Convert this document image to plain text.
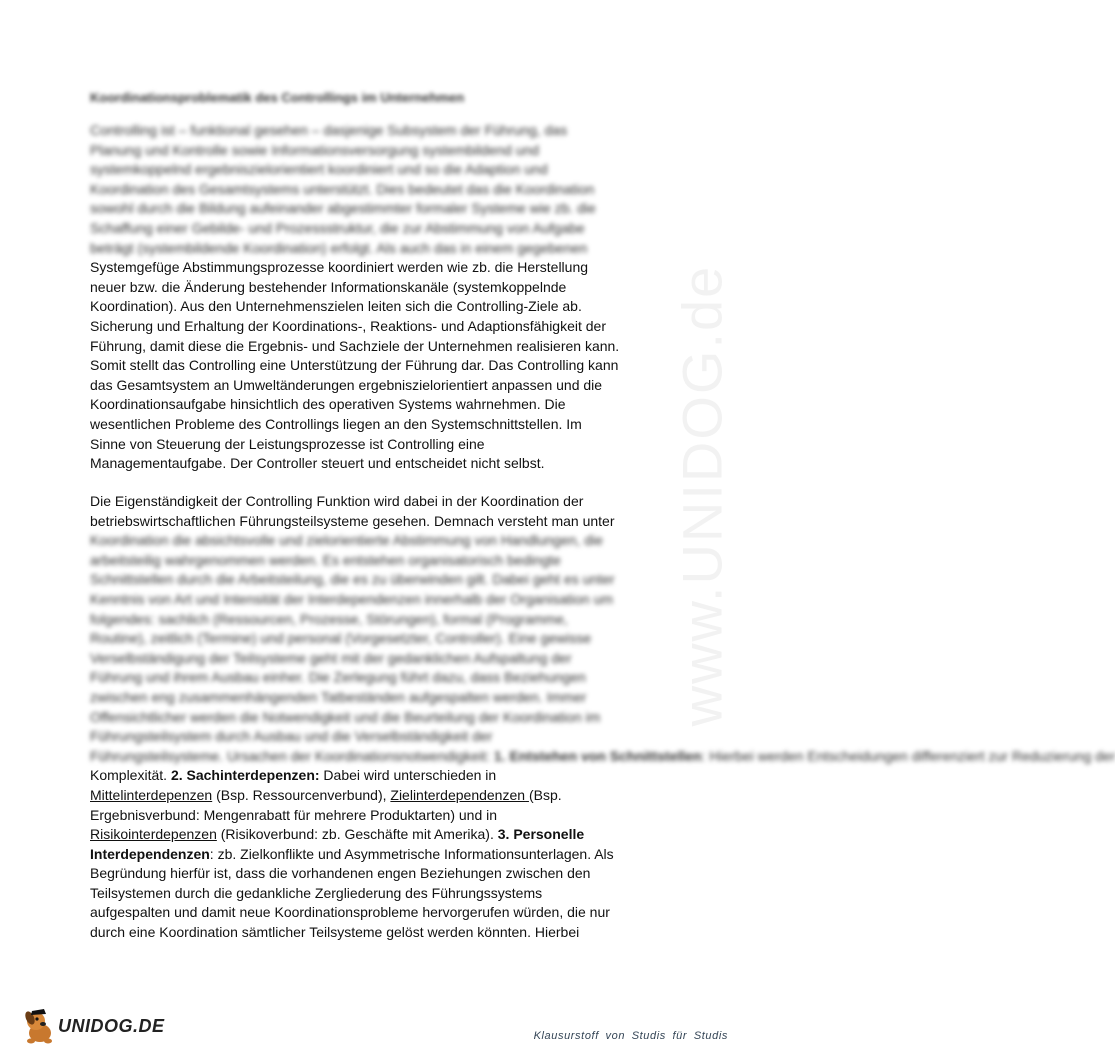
www.UNIDOG.de
Koordinationsproblematik des Controllings im Unternehmen
Controlling ist – funktional gesehen – dasjenige Subsystem der Führung, das
Planung und Kontrolle sowie Informationsversorgung systembildend und
systemkoppelnd ergebniszielorientiert koordiniert und so die Adaption und
Koordination des Gesamtsystems unterstützt. Dies bedeutet das die Koordination
sowohl durch die Bildung aufeinander abgestimmter formaler Systeme wie zb. die
Schaffung einer Gebilde- und Prozessstruktur, die zur Abstimmung von Aufgabe
beträgt (systembildende Koordination) erfolgt. Als auch das in einem gegebenen
Systemgefüge Abstimmungsprozesse koordiniert werden wie zb. die Herstellung
neuer bzw. die Änderung bestehender Informationskanäle (systemkoppelnde
Koordination). Aus den Unternehmenszielen leiten sich die Controlling-Ziele ab.
Sicherung und Erhaltung der Koordinations-, Reaktions- und Adaptionsfähigkeit der
Führung, damit diese die Ergebnis- und Sachziele der Unternehmen realisieren kann.
Somit stellt das Controlling eine Unterstützung der Führung dar. Das Controlling kann
das Gesamtsystem an Umweltänderungen ergebniszielorientiert anpassen und die
Koordinationsaufgabe hinsichtlich des operativen Systems wahrnehmen. Die
wesentlichen Probleme des Controllings liegen an den Systemschnittstellen. Im
Sinne von Steuerung der Leistungsprozesse ist Controlling eine
Managementaufgabe. Der Controller steuert und entscheidet nicht selbst.
Die Eigenständigkeit der Controlling Funktion wird dabei in der Koordination der
betriebswirtschaftlichen Führungsteilsysteme gesehen. Demnach versteht man unter
Koordination die absichtsvolle und zielorientierte Abstimmung von Handlungen, die
arbeitsteilig wahrgenommen werden. Es entstehen organisatorisch bedingte
Schnittstellen durch die Arbeitsteilung, die es zu überwinden gilt. Dabei geht es unter
Kenntnis von Art und Intensität der Interdependenzen innerhalb der Organisation um
folgendes: sachlich (Ressourcen, Prozesse, Störungen), formal (Programme,
Routine), zeitlich (Termine) und personal (Vorgesetzter, Controller). Eine gewisse
Verselbständigung der Teilsysteme geht mit der gedanklichen Aufspaltung der
Führung und ihrem Ausbau einher. Die Zerlegung führt dazu, dass Beziehungen
zwischen eng zusammenhängenden Tatbeständen aufgespalten werden. Immer
Offensichtlicher werden die Notwendigkeit und die Beurteilung der Koordination im
Führungsteilsystem durch Ausbau und die Verselbständigkeit der
Führungsteilsysteme. Ursachen der Koordinationsnotwendigkeit: 1. Entstehen von Schnittstellen: Hierbei werden Entscheidungen differenziert zur Reduzierung der
Komplexität. 2. Sachinterdepenzen: Dabei wird unterschieden in
Mittelinterdepenzen (Bsp. Ressourcenverbund), Zielinterdependenzen (Bsp.
Ergebnisverbund: Mengenrabatt für mehrere Produktarten) und in
Risikointerdepenzen (Risikoverbund: zb. Geschäfte mit Amerika). 3. Personelle
Interdependenzen: zb. Zielkonflikte und Asymmetrische Informationsunterlagen. Als
Begründung hierfür ist, dass die vorhandenen engen Beziehungen zwischen den
Teilsystemen durch die gedankliche Zergliederung des Führungssystems
aufgespalten und damit neue Koordinationsprobleme hervorgerufen würden, die nur
durch eine Koordination sämtlicher Teilsysteme gelöst werden könnten. Hierbei
UNIDOG.DE
Klausurstoff von Studis für Studis
